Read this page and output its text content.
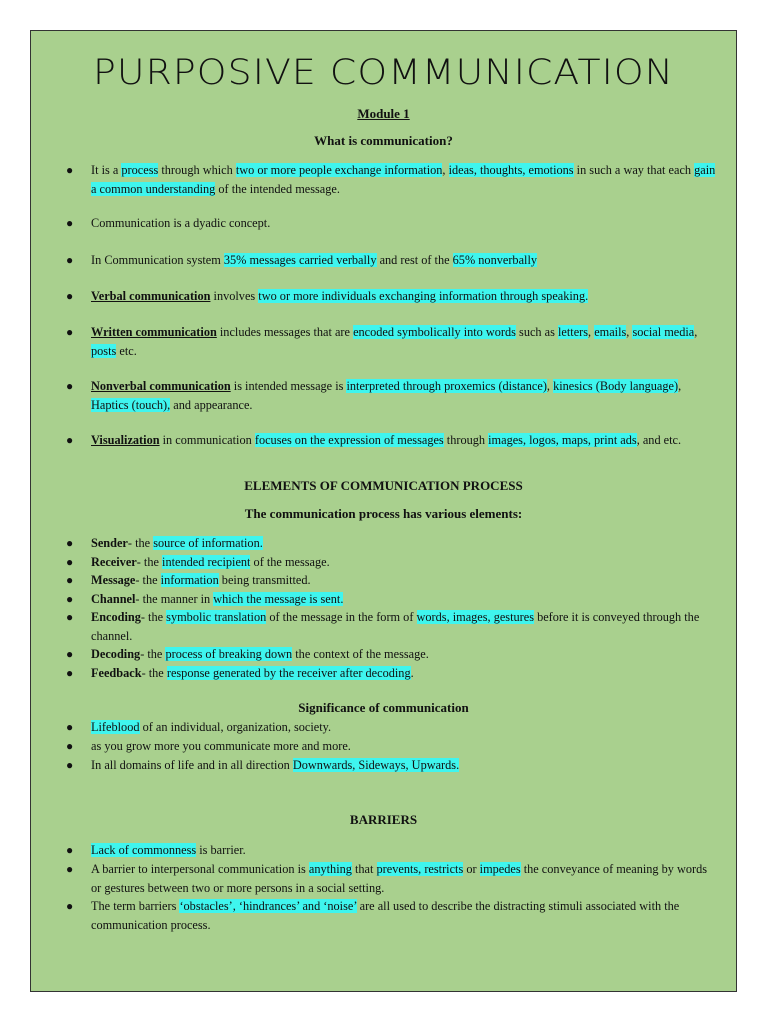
PURPOSIVE COMMUNICATION
Module 1
What is communication?
● It is a process through which two or more people exchange information, ideas, thoughts, emotions in such a way that each gain a common understanding of the intended message.
● Communication is a dyadic concept.
● In Communication system 35% messages carried verbally and rest of the 65% nonverbally
● Verbal communication involves two or more individuals exchanging information through speaking.
● Written communication includes messages that are encoded symbolically into words such as letters, emails, social media, posts etc.
● Nonverbal communication is intended message is interpreted through proxemics (distance), kinesics (Body language), Haptics (touch), and appearance.
● Visualization in communication focuses on the expression of messages through images, logos, maps, print ads, and etc.
ELEMENTS OF COMMUNICATION PROCESS
The communication process has various elements:
● Sender- the source of information.
● Receiver- the intended recipient of the message.
● Message- the information being transmitted.
● Channel- the manner in which the message is sent.
● Encoding- the symbolic translation of the message in the form of words, images, gestures before it is conveyed through the channel.
● Decoding- the process of breaking down the context of the message.
● Feedback- the response generated by the receiver after decoding.
Significance of communication
● Lifeblood of an individual, organization, society.
● as you grow more you communicate more and more.
● In all domains of life and in all direction Downwards, Sideways, Upwards.
BARRIERS
● Lack of commonness is barrier.
● A barrier to interpersonal communication is anything that prevents, restricts or impedes the conveyance of meaning by words or gestures between two or more persons in a social setting.
● The term barriers ‘obstacles’, ‘hindrances’ and ‘noise’ are all used to describe the distracting stimuli associated with the communication process.
